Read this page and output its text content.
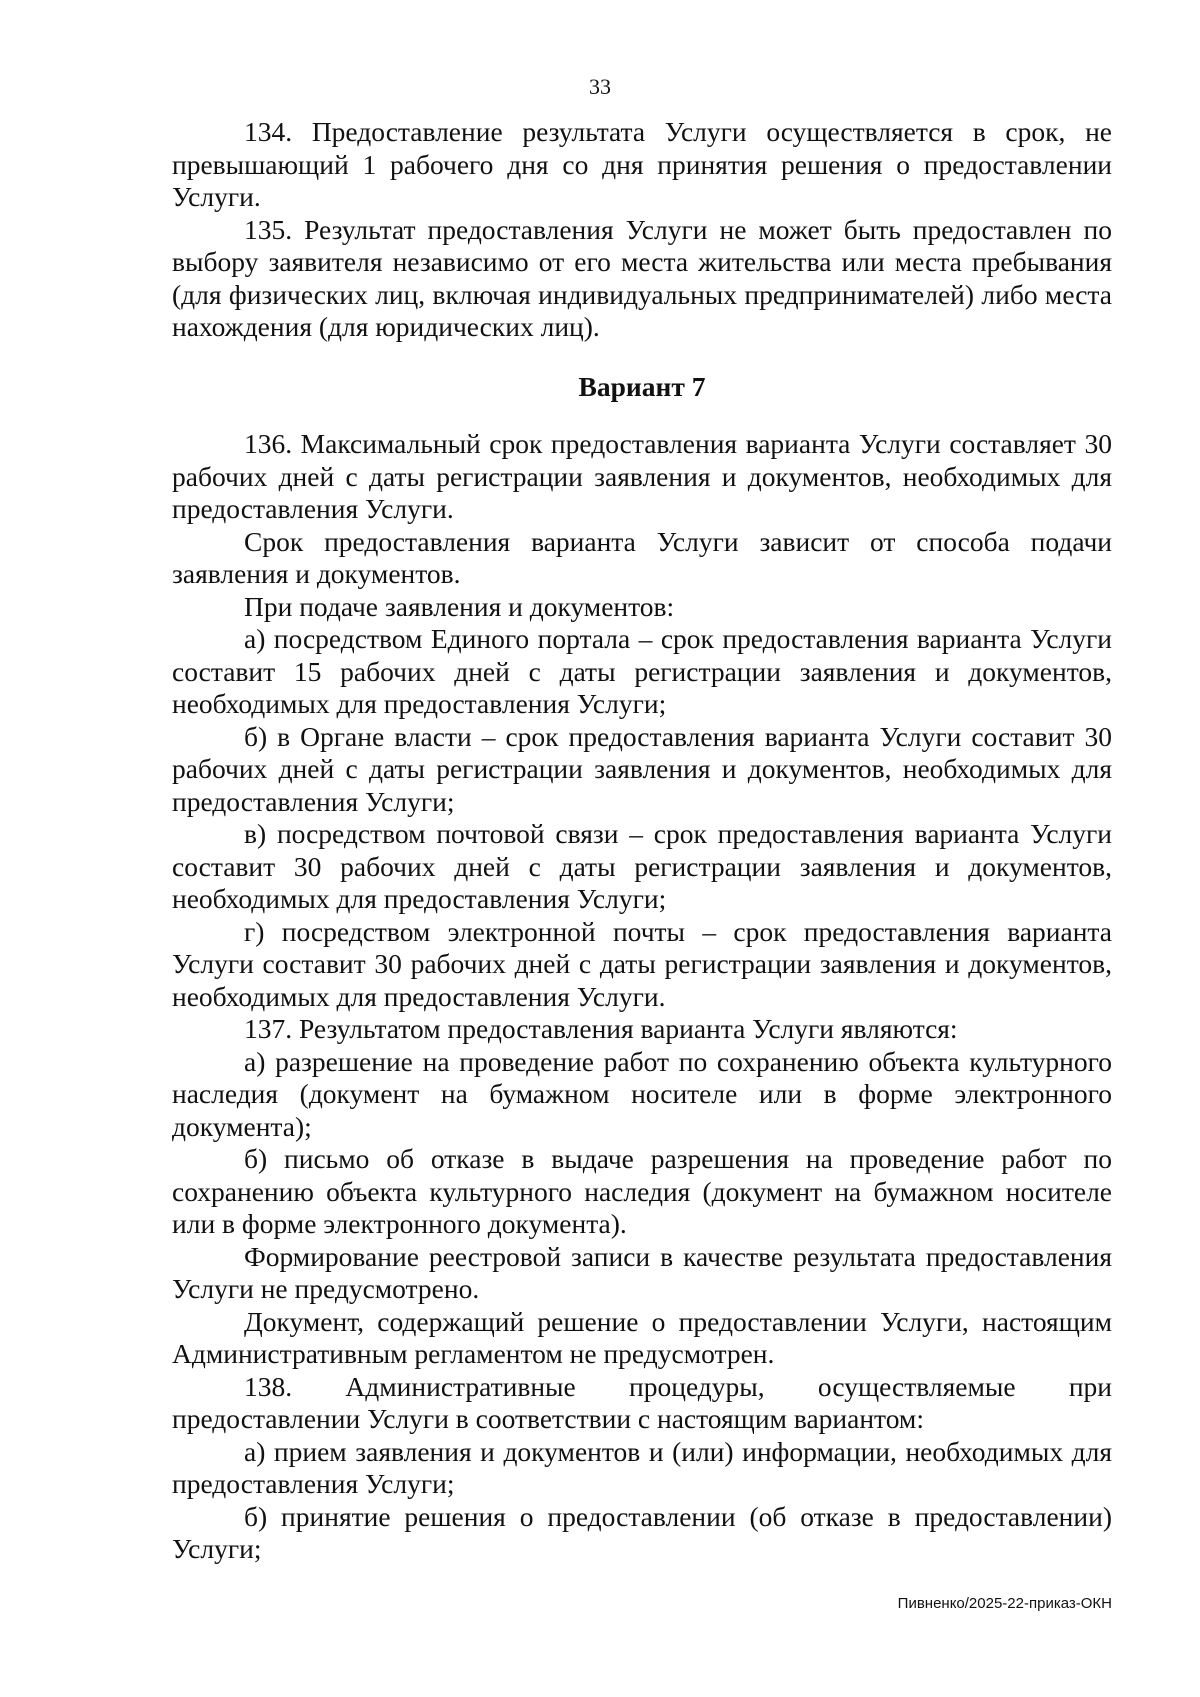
33

134. Предоставление результата Услуги осуществляется в срок, не превышающий 1 рабочего дня со дня принятия решения о предоставлении Услуги.

135. Результат предоставления Услуги не может быть предоставлен по выбору заявителя независимо от его места жительства или места пребывания (для физических лиц, включая индивидуальных предпринимателей) либо места нахождения (для юридических лиц).

Вариант 7

136. Максимальный срок предоставления варианта Услуги составляет 30 рабочих дней с даты регистрации заявления и документов, необходимых для предоставления Услуги.

Срок предоставления варианта Услуги зависит от способа подачи заявления и документов.

При подаче заявления и документов:

а) посредством Единого портала – срок предоставления варианта Услуги составит 15 рабочих дней с даты регистрации заявления и документов, необходимых для предоставления Услуги;

б) в Органе власти – срок предоставления варианта Услуги составит 30 рабочих дней с даты регистрации заявления и документов, необходимых для предоставления Услуги;

в) посредством почтовой связи – срок предоставления варианта Услуги составит 30 рабочих дней с даты регистрации заявления и документов, необходимых для предоставления Услуги;

г) посредством электронной почты – срок предоставления варианта Услуги составит 30 рабочих дней с даты регистрации заявления и документов, необходимых для предоставления Услуги.

137. Результатом предоставления варианта Услуги являются:

а) разрешение на проведение работ по сохранению объекта культурного наследия (документ на бумажном носителе или в форме электронного документа);

б) письмо об отказе в выдаче разрешения на проведение работ по сохранению объекта культурного наследия (документ на бумажном носителе или в форме электронного документа).

Формирование реестровой записи в качестве результата предоставления Услуги не предусмотрено.

Документ, содержащий решение о предоставлении Услуги, настоящим Административным регламентом не предусмотрен.

138. Административные процедуры, осуществляемые при

предоставлении Услуги в соответствии с настоящим вариантом:

а) прием заявления и документов и (или) информации, необходимых для предоставления Услуги;

б) принятие решения о предоставлении (об отказе в предоставлении) Услуги;

Пивненко/2025-22-приказ-ОКН
